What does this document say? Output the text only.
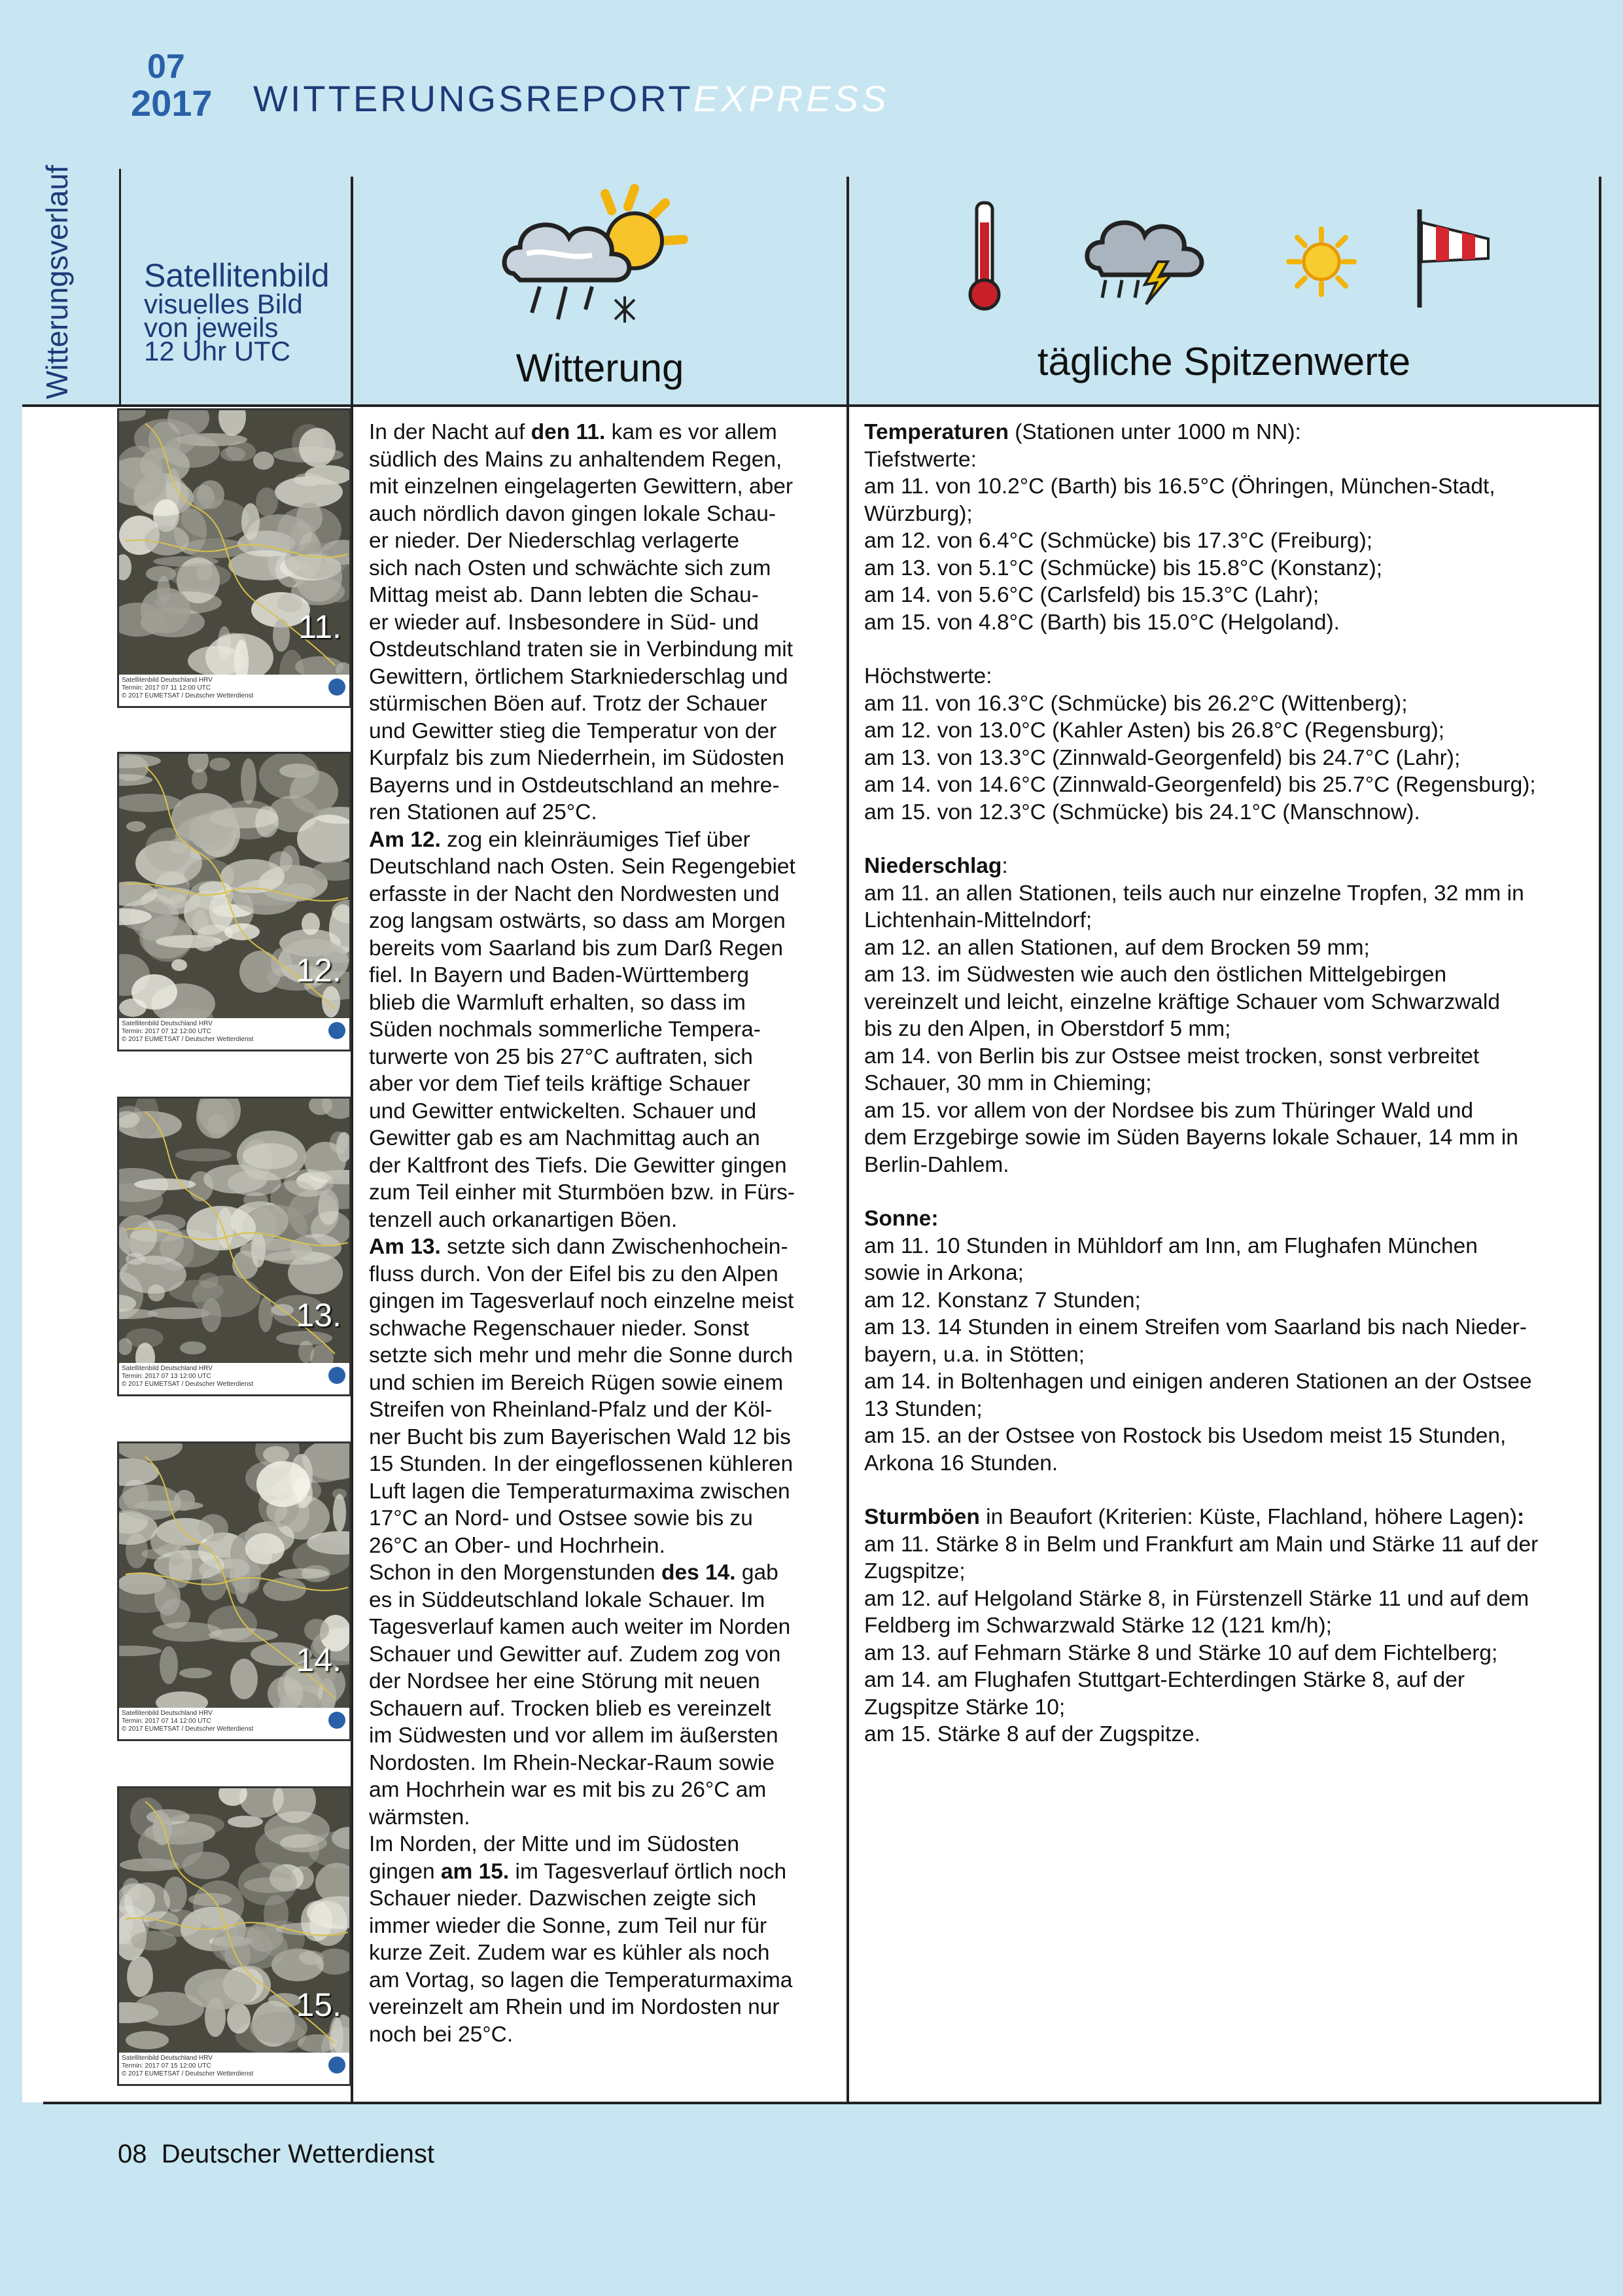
07
2017 WITTERUNGSREPORTEXPRESS
Witterungsverlauf Satellitenbild
visuelles Bild
von jeweils
12 Uhr UTC	Witterung	tägliche Spitzenwerte
11.
Satellitenbild Deutschland HRV
Termin: 2017 07 11 12:00 UTC
© 2017 EUMETSAT / Deutscher Wetterdienst
12.
Satellitenbild Deutschland HRV
Termin: 2017 07 12 12:00 UTC
© 2017 EUMETSAT / Deutscher Wetterdienst
13.
Satellitenbild Deutschland HRV
Termin: 2017 07 13 12:00 UTC
© 2017 EUMETSAT / Deutscher Wetterdienst
14.
Satellitenbild Deutschland HRV
Termin: 2017 07 14 12:00 UTC
© 2017 EUMETSAT / Deutscher Wetterdienst
15.
Satellitenbild Deutschland HRV
Termin: 2017 07 15 12:00 UTC
© 2017 EUMETSAT / Deutscher Wetterdienst

In der Nacht auf den 11. kam es vor allem

südlich des Mains zu anhaltendem Regen,

mit einzelnen eingelagerten Gewittern, aber

auch nördlich davon gingen lokale Schau-

er nieder. Der Niederschlag verlagerte

sich nach Osten und schwächte sich zum

Mittag meist ab. Dann lebten die Schau-

er wieder auf. Insbesondere in Süd- und

Ostdeutschland traten sie in Verbindung mit

Gewittern, örtlichem Starkniederschlag und

stürmischen Böen auf. Trotz der Schauer

und Gewitter stieg die Temperatur von der

Kurpfalz bis zum Niederrhein, im Südosten

Bayerns und in Ostdeutschland an mehre-

ren Stationen auf 25°C.

Am 12. zog ein kleinräumiges Tief über

Deutschland nach Osten. Sein Regengebiet

erfasste in der Nacht den Nordwesten und

zog langsam ostwärts, so dass am Morgen

bereits vom Saarland bis zum Darß Regen

fiel. In Bayern und Baden-Württemberg

blieb die Warmluft erhalten, so dass im

Süden nochmals sommerliche Tempera-

turwerte von 25 bis 27°C auftraten, sich

aber vor dem Tief teils kräftige Schauer

und Gewitter entwickelten. Schauer und

Gewitter gab es am Nachmittag auch an

der Kaltfront des Tiefs. Die Gewitter gingen

zum Teil einher mit Sturmböen bzw. in Fürs-

tenzell auch orkanartigen Böen.

Am 13. setzte sich dann Zwischenhochein-

fluss durch. Von der Eifel bis zu den Alpen

gingen im Tagesverlauf noch einzelne meist

schwache Regenschauer nieder. Sonst

setzte sich mehr und mehr die Sonne durch

und schien im Bereich Rügen sowie einem

Streifen von Rheinland-Pfalz und der Köl-

ner Bucht bis zum Bayerischen Wald 12 bis

15 Stunden. In der eingeflossenen kühleren

Luft lagen die Temperaturmaxima zwischen

17°C an Nord- und Ostsee sowie bis zu

26°C an Ober- und Hochrhein.

Schon in den Morgenstunden des 14. gab

es in Süddeutschland lokale Schauer. Im

Tagesverlauf kamen auch weiter im Norden

Schauer und Gewitter auf. Zudem zog von

der Nordsee her eine Störung mit neuen

Schauern auf. Trocken blieb es vereinzelt

im Südwesten und vor allem im äußersten

Nordosten. Im Rhein-Neckar-Raum sowie

am Hochrhein war es mit bis zu 26°C am

wärmsten.

Im Norden, der Mitte und im Südosten

gingen am 15. im Tagesverlauf örtlich noch

Schauer nieder. Dazwischen zeigte sich

immer wieder die Sonne, zum Teil nur für

kurze Zeit. Zudem war es kühler als noch

am Vortag, so lagen die Temperaturmaxima

vereinzelt am Rhein und im Nordosten nur

noch bei 25°C.

Temperaturen (Stationen unter 1000 m NN):

Tiefstwerte:

am 11. von 10.2°C (Barth) bis 16.5°C (Öhringen, München-Stadt,

Würzburg);

am 12. von 6.4°C (Schmücke) bis 17.3°C (Freiburg);

am 13. von 5.1°C (Schmücke) bis 15.8°C (Konstanz);

am 14. von 5.6°C (Carlsfeld) bis 15.3°C (Lahr);

am 15. von 4.8°C (Barth) bis 15.0°C (Helgoland).

Höchstwerte:

am 11. von 16.3°C (Schmücke) bis 26.2°C (Wittenberg);

am 12. von 13.0°C (Kahler Asten) bis 26.8°C (Regensburg);

am 13. von 13.3°C (Zinnwald-Georgenfeld) bis 24.7°C (Lahr);

am 14. von 14.6°C (Zinnwald-Georgenfeld) bis 25.7°C (Regensburg);

am 15. von 12.3°C (Schmücke) bis 24.1°C (Manschnow).

Niederschlag:

am 11. an allen Stationen, teils auch nur einzelne Tropfen, 32 mm in

Lichtenhain-Mittelndorf;

am 12. an allen Stationen, auf dem Brocken 59 mm;

am 13. im Südwesten wie auch den östlichen Mittelgebirgen

vereinzelt und leicht, einzelne kräftige Schauer vom Schwarzwald

bis zu den Alpen, in Oberstdorf 5 mm;

am 14. von Berlin bis zur Ostsee meist trocken, sonst verbreitet

Schauer, 30 mm in Chieming;

am 15. vor allem von der Nordsee bis zum Thüringer Wald und

dem Erzgebirge sowie im Süden Bayerns lokale Schauer, 14 mm in

Berlin-Dahlem.

Sonne:

am 11. 10 Stunden in Mühldorf am Inn, am Flughafen München

sowie in Arkona;

am 12. Konstanz 7 Stunden;

am 13. 14 Stunden in einem Streifen vom Saarland bis nach Nieder-

bayern, u.a. in Stötten;

am 14. in Boltenhagen und einigen anderen Stationen an der Ostsee

13 Stunden;

am 15. an der Ostsee von Rostock bis Usedom meist 15 Stunden,

Arkona 16 Stunden.

Sturmböen in Beaufort (Kriterien: Küste, Flachland, höhere Lagen):

am 11. Stärke 8 in Belm und Frankfurt am Main und Stärke 11 auf der

Zugspitze;

am 12. auf Helgoland Stärke 8, in Fürstenzell Stärke 11 und auf dem

Feldberg im Schwarzwald Stärke 12 (121 km/h);

am 13. auf Fehmarn Stärke 8 und Stärke 10 auf dem Fichtelberg;

am 14. am Flughafen Stuttgart-Echterdingen Stärke 8, auf der

Zugspitze Stärke 10;

am 15. Stärke 8 auf der Zugspitze.

08 Deutscher Wetterdienst
